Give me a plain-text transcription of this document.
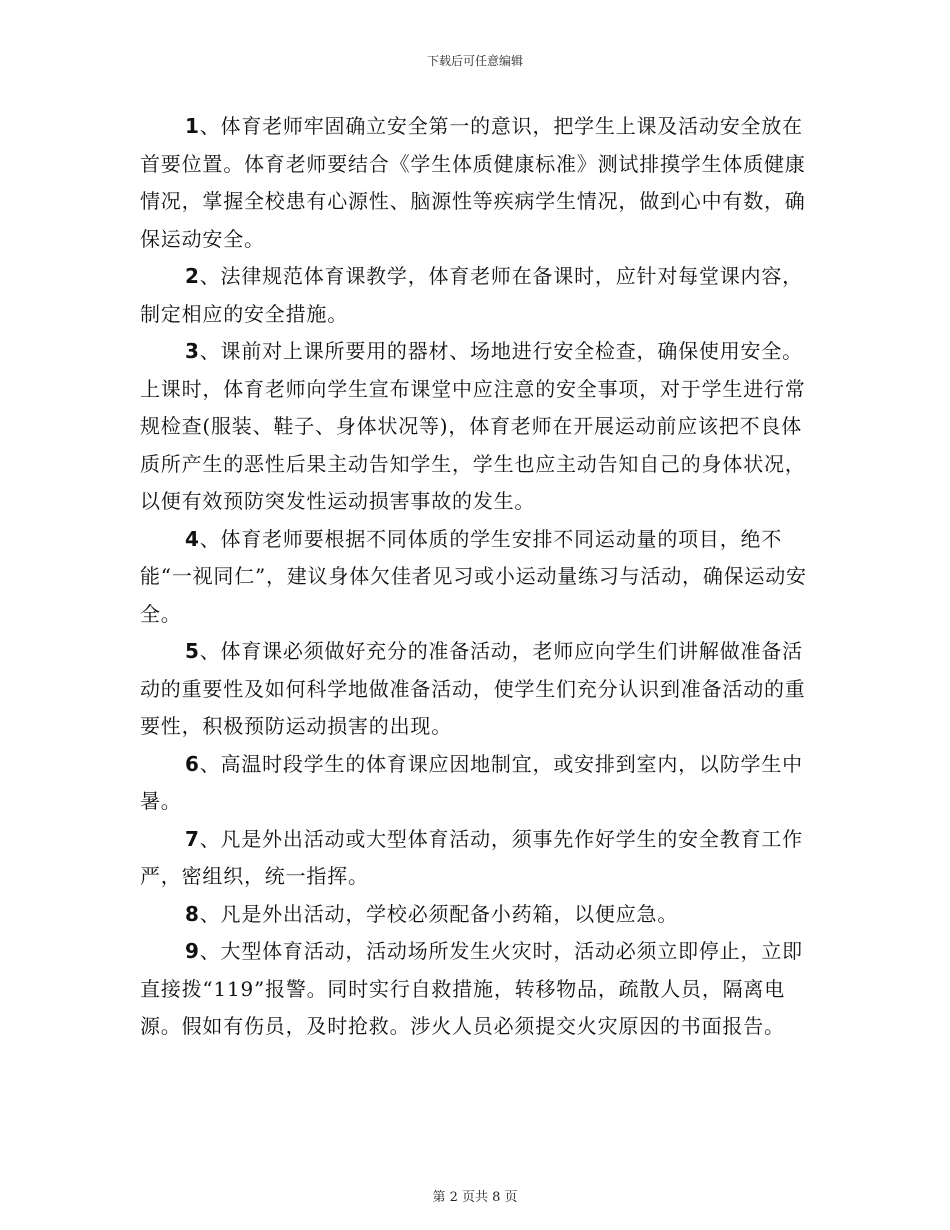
下载后可任意编辑

1、体育老师牢固确立安全第一的意识，把学生上课及活动安全放在首要位置。体育老师要结合《学生体质健康标准》测试排摸学生体质健康情况，掌握全校患有心源性、脑源性等疾病学生情况，做到心中有数，确保运动安全。

2、法律规范体育课教学，体育老师在备课时，应针对每堂课内容，制定相应的安全措施。

3、课前对上课所要用的器材、场地进行安全检查，确保使用安全。上课时，体育老师向学生宣布课堂中应注意的安全事项，对于学生进行常规检查(服装、鞋子、身体状况等)，体育老师在开展运动前应该把不良体质所产生的恶性后果主动告知学生，学生也应主动告知自己的身体状况，以便有效预防突发性运动损害事故的发生。

4、体育老师要根据不同体质的学生安排不同运动量的项目，绝不能“一视同仁”，建议身体欠佳者见习或小运动量练习与活动，确保运动安全。

5、体育课必须做好充分的准备活动，老师应向学生们讲解做准备活动的重要性及如何科学地做准备活动，使学生们充分认识到准备活动的重要性，积极预防运动损害的出现。

6、高温时段学生的体育课应因地制宜，或安排到室内，以防学生中暑。

7、凡是外出活动或大型体育活动，须事先作好学生的安全教育工作严，密组织，统一指挥。

8、凡是外出活动，学校必须配备小药箱，以便应急。

9、大型体育活动，活动场所发生火灾时，活动必须立即停止，立即直接拨“119”报警。同时实行自救措施，转移物品，疏散人员，隔离电源。假如有伤员，及时抢救。涉火人员必须提交火灾原因的书面报告。

第 2 页共 8 页
